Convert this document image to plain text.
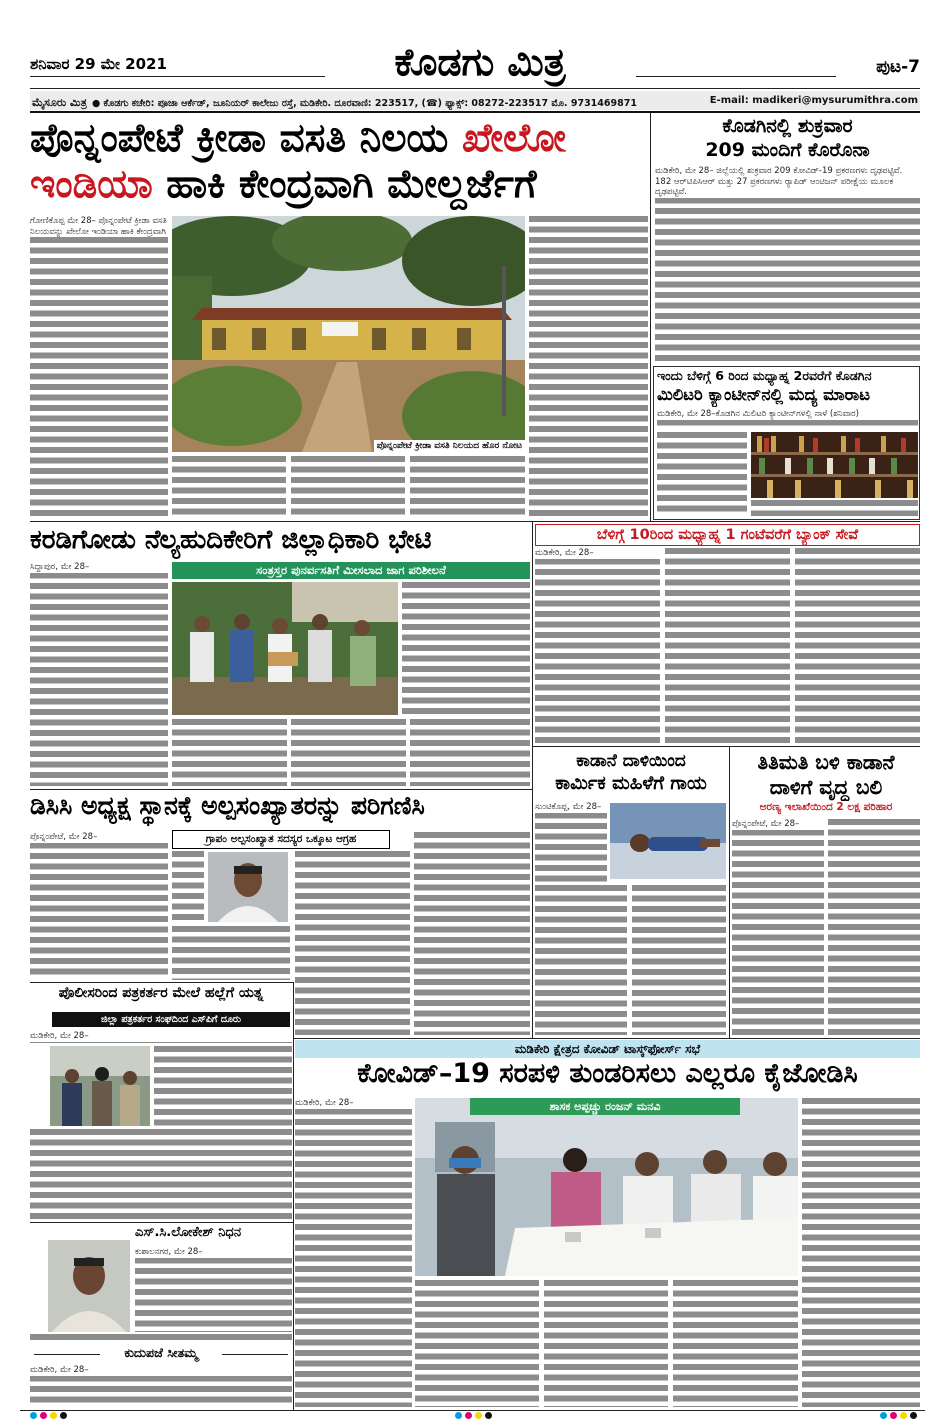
ಶನಿವಾರ 29 ಮೇ 2021	ಕೊಡಗು ಮಿತ್ರ	ಪುಟ-7
ಮೈಸೂರು ಮಿತ್ರ ● ಕೊಡಗು ಕಚೇರಿ: ಪೂಜಾ ಆರ್ಕೆಡ್, ಜೂನಿಯರ್ ಕಾಲೇಜು ರಸ್ತೆ, ಮಡಿಕೇರಿ. ದೂರವಾಣಿ: 223517, (☎) ಫ್ಯಾಕ್ಸ್: 08272-223517 ಮೊ. 9731469871	E-mail: madikeri@mysurumithra.com
ಪೊನ್ನಂಪೇಟೆ ಕ್ರೀಡಾ ವಸತಿ ನಿಲಯ ಖೇಲೋ
ಇಂಡಿಯಾ ಹಾಕಿ ಕೇಂದ್ರವಾಗಿ ಮೇಲ್ದರ್ಜೆಗೆ
ಗೋಣಿಕೊಪ್ಪ ಮೇ 28– ಪೊನ್ನಂಪೇಟೆ ಕ್ರೀಡಾ ವಸತಿ ನಿಲಯವನ್ನು ಖೇಲೋ ಇಂಡಿಯಾ ಹಾಕಿ ಕೇಂದ್ರವಾಗಿ
ಪೊನ್ನಂಪೇಟೆ ಕ್ರೀಡಾ ವಸತಿ ನಿಲಯದ ಹೊರ ನೋಟ
ಕೊಡಗಿನಲ್ಲಿ ಶುಕ್ರವಾರ
209 ಮಂದಿಗೆ ಕೊರೊನಾ
ಮಡಿಕೇರಿ, ಮೇ 28– ಜಿಲ್ಲೆಯಲ್ಲಿ ಶುಕ್ರವಾರ 209 ಕೋವಿಡ್-19 ಪ್ರಕರಣಗಳು ದೃಢಪಟ್ಟಿವೆ. 182 ಆರ್‌ಟಿಪಿಸಿಆರ್ ಮತ್ತು 27 ಪ್ರಕರಣಗಳು ರ್‍ಯಾಪಿಡ್ ಆಂಟಿಜನ್ ಪರೀಕ್ಷೆಯ ಮೂಲಕ ದೃಢಪಟ್ಟಿವೆ.
ಇಂದು ಬೆಳಿಗ್ಗೆ 6 ರಿಂದ ಮಧ್ಯಾಹ್ನ 2ರವರೆಗೆ ಕೊಡಗಿನ
ಮಿಲಿಟರಿ ಕ್ಯಾಂಟೀನ್‌ನಲ್ಲಿ ಮದ್ಯ ಮಾರಾಟ
ಮಡಿಕೇರಿ, ಮೇ 28–ಕೊಡಗಿನ ಮಿಲಿಟರಿ ಕ್ಯಾಂಟೀನ್‌ಗಳಲ್ಲಿ ನಾಳೆ (ಶನಿವಾರ)
ಕರಡಿಗೋಡು ನೆಲ್ಯಹುದಿಕೇರಿಗೆ ಜಿಲ್ಲಾಧಿಕಾರಿ ಭೇಟಿ
ಸಿದ್ದಾಪುರ, ಮೇ 28–	ಸಂತ್ರಸ್ತರ ಪುನರ್ವಸತಿಗೆ ಮೀಸಲಾದ ಜಾಗ ಪರಿಶೀಲನೆ
ಬೆಳಿಗ್ಗೆ 10ರಿಂದ ಮಧ್ಯಾಹ್ನ 1 ಗಂಟೆವರೆಗೆ ಬ್ಯಾಂಕ್ ಸೇವೆ
ಮಡಿಕೇರಿ, ಮೇ 28–
ಡಿಸಿಸಿ ಅಧ್ಯಕ್ಷ ಸ್ಥಾನಕ್ಕೆ ಅಲ್ಪಸಂಖ್ಯಾತರನ್ನು ಪರಿಗಣಿಸಿ
ಪೊನ್ನಂಪೇಟೆ, ಮೇ 28–	ಗ್ರಾಪಂ ಅಲ್ಪಸಂಖ್ಯಾತ ಸದಸ್ಯರ ಒಕ್ಕೂಟ ಆಗ್ರಹ
ಕಾಡಾನೆ ದಾಳಿಯಿಂದ
ಕಾರ್ಮಿಕ ಮಹಿಳೆಗೆ ಗಾಯ
ಸುಂಟಿಕೊಪ್ಪ, ಮೇ 28–
ತಿತಿಮತಿ ಬಳಿ ಕಾಡಾನೆ
ದಾಳಿಗೆ ವೃದ್ಧ ಬಲಿ
ಅರಣ್ಯ ಇಲಾಖೆಯಿಂದ 2 ಲಕ್ಷ ಪರಿಹಾರ
ಪೊನ್ನಂಪೇಟೆ, ಮೇ 28–
ಪೊಲೀಸರಿಂದ ಪತ್ರಕರ್ತರ ಮೇಲೆ ಹಲ್ಲೆಗೆ ಯತ್ನ
ಜಿಲ್ಲಾ ಪತ್ರಕರ್ತರ ಸಂಘದಿಂದ ಎಸ್‌ಪಿಗೆ ದೂರು
ಮಡಿಕೇರಿ, ಮೇ 28–
ಮಡಿಕೇರಿ ಕ್ಷೇತ್ರದ ಕೋವಿಡ್ ಟಾಸ್ಕ್‌ಫೋರ್ಸ್ ಸಭೆ
ಕೋವಿಡ್–19 ಸರಪಳಿ ತುಂಡರಿಸಲು ಎಲ್ಲರೂ ಕೈಜೋಡಿಸಿ
ಮಡಿಕೇರಿ, ಮೇ 28–	ಶಾಸಕ ಅಪ್ಪಚ್ಚು ರಂಜನ್ ಮನವಿ
ಎಸ್.ಸಿ.ಲೋಕೇಶ್ ನಿಧನ
ಕುಶಾಲನಗರ, ಮೇ 28–
ಕುದುಪಜೆ ಸೀತಮ್ಮ
ಮಡಿಕೇರಿ, ಮೇ 28–
